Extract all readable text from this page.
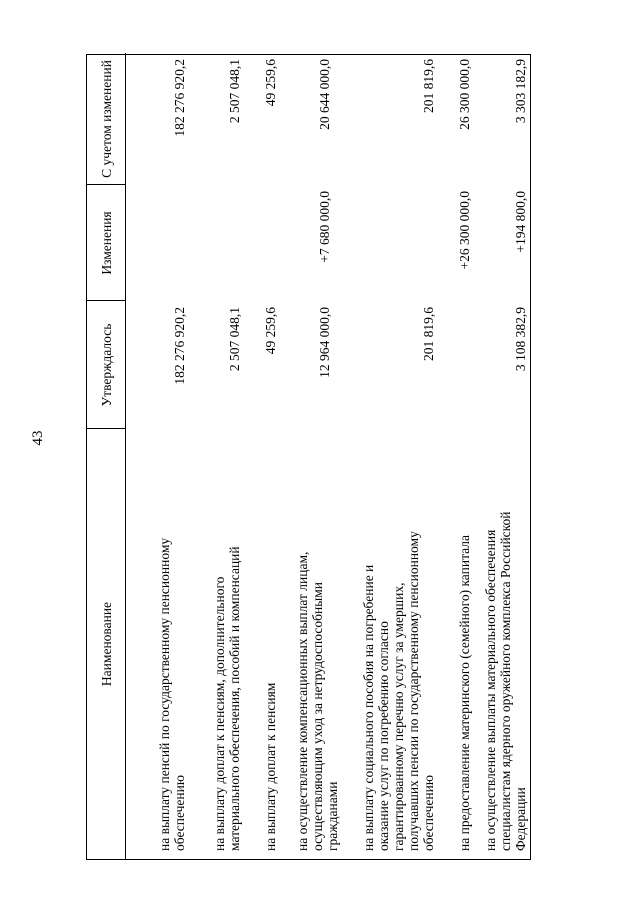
43
Наименование
Утверждалось
Изменения
С учетом изменений
на выплату пенсий по государственному пенсионному обеспечению
182 276 920,2
182 276 920,2
на выплату доплат к пенсиям, дополнительного материального обеспечения, пособий и компенсаций
2 507 048,1
2 507 048,1
на выплату доплат к пенсиям
49 259,6
49 259,6
на осуществление компенсационных выплат лицам, осуществляющим уход за нетрудоспособными гражданами
12 964 000,0
+7 680 000,0
20 644 000,0
на выплату социального пособия на погребение и оказание услуг по погребению согласно гарантированному перечню услуг за умерших, получавших пенсии по государственному пенсионному обеспечению
201 819,6
201 819,6
на предоставление материнского (семейного) капитала
+26 300 000,0
26 300 000,0
на осуществление выплаты материального обеспечения специалистам ядерного оружейного комплекса Российской Федерации
3 108 382,9
+194 800,0
3 303 182,9
